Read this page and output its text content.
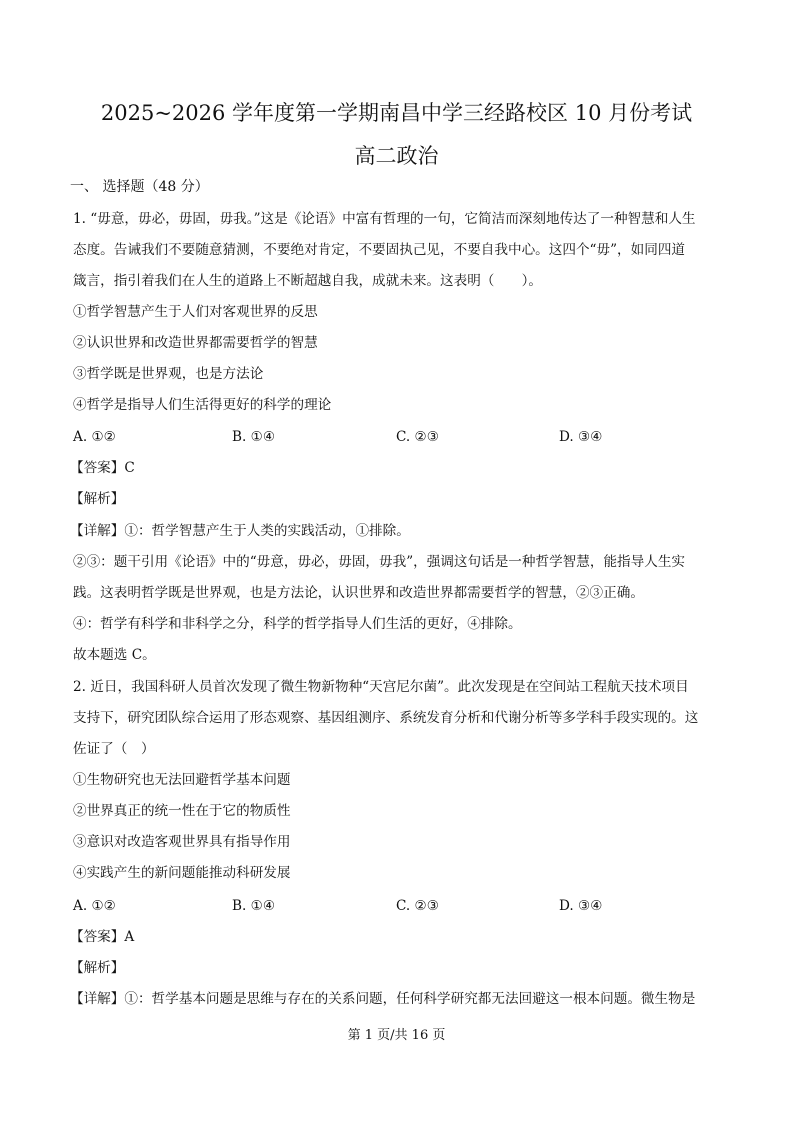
2025~2026 学年度第一学期南昌中学三经路校区 10 月份考试
高二政治
一、 选择题（48 分）
1. “毋意，毋必，毋固，毋我。”这是《论语》中富有哲理的一句，它简洁而深刻地传达了一种智慧和人生
态度。告诫我们不要随意猜测，不要绝对肯定，不要固执己见，不要自我中心。这四个“毋”，如同四道
箴言，指引着我们在人生的道路上不断超越自我，成就未来。这表明（　　）。
①哲学智慧产生于人们对客观世界的反思
②认识世界和改造世界都需要哲学的智慧
③哲学既是世界观，也是方法论
④哲学是指导人们生活得更好的科学的理论
A. ①②	B. ①④	C. ②③	D. ③④
【答案】C
【解析】
【详解】①：哲学智慧产生于人类的实践活动，①排除。
②③：题干引用《论语》中的“毋意，毋必，毋固，毋我”，强调这句话是一种哲学智慧，能指导人生实
践。这表明哲学既是世界观，也是方法论，认识世界和改造世界都需要哲学的智慧，②③正确。
④：哲学有科学和非科学之分，科学的哲学指导人们生活的更好，④排除。
故本题选 C。
2. 近日，我国科研人员首次发现了微生物新物种“天宫尼尔菌”。此次发现是在空间站工程航天技术项目
支持下，研究团队综合运用了形态观察、基因组测序、系统发育分析和代谢分析等多学科手段实现的。这
佐证了（　）
①生物研究也无法回避哲学基本问题
②世界真正的统一性在于它的物质性
③意识对改造客观世界具有指导作用
④实践产生的新问题能推动科研发展
A. ①②	B. ①④	C. ②③	D. ③④
【答案】A
【解析】
【详解】①：哲学基本问题是思维与存在的关系问题，任何科学研究都无法回避这一根本问题。微生物是
第 1 页/共 16 页
